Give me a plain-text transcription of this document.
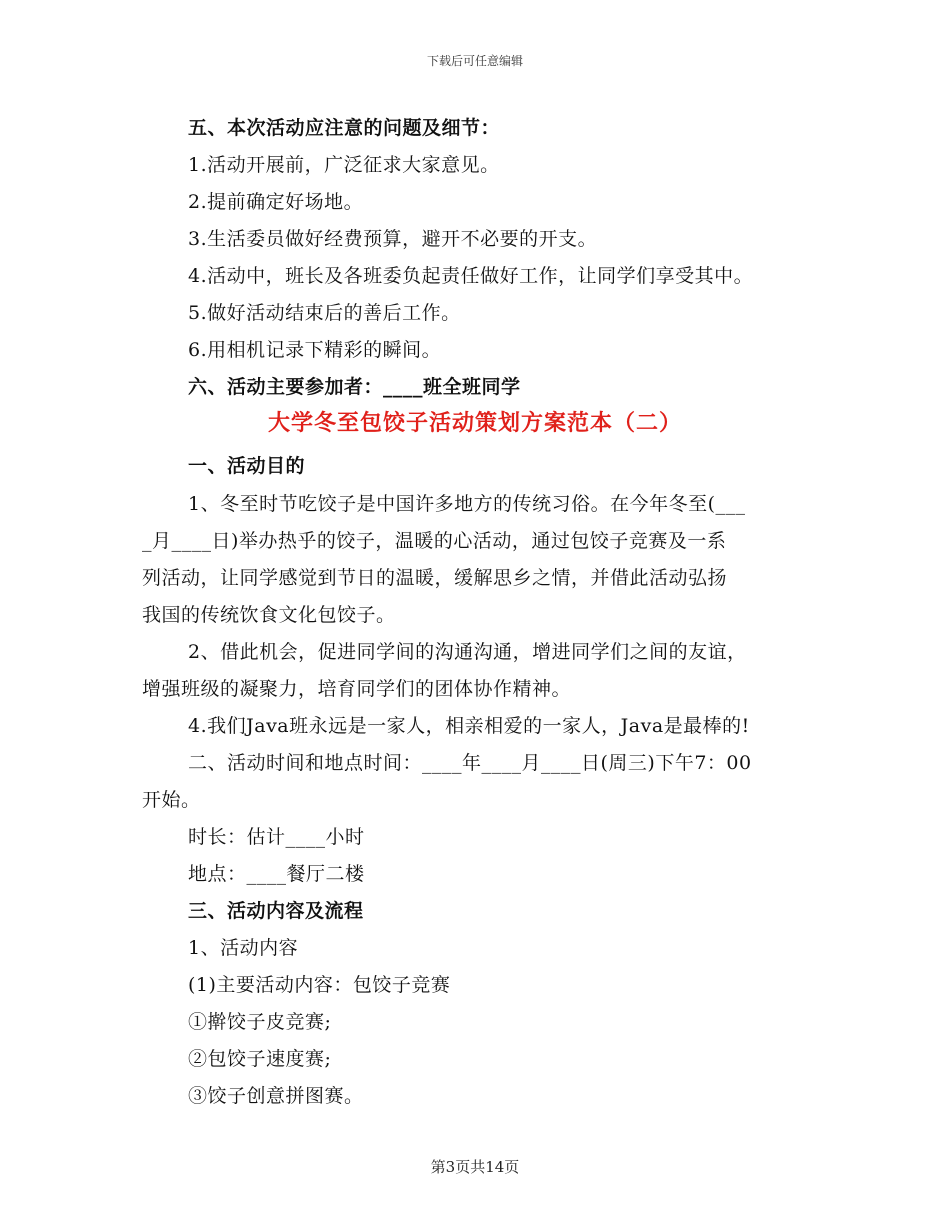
下载后可任意编辑
五、本次活动应注意的问题及细节：
1.活动开展前，广泛征求大家意见。
2.提前确定好场地。
3.生活委员做好经费预算，避开不必要的开支。
4.活动中，班长及各班委负起责任做好工作，让同学们享受其中。
5.做好活动结束后的善后工作。
6.用相机记录下精彩的瞬间。
六、活动主要参加者：____班全班同学
大学冬至包饺子活动策划方案范本（二）
一、活动目的
1、冬至时节吃饺子是中国许多地方的传统习俗。在今年冬至(___
_月____日)举办热乎的饺子，温暖的心活动，通过包饺子竞赛及一系
列活动，让同学感觉到节日的温暖，缓解思乡之情，并借此活动弘扬
我国的传统饮食文化包饺子。
2、借此机会，促进同学间的沟通沟通，增进同学们之间的友谊，
增强班级的凝聚力，培育同学们的团体协作精神。
4.我们Java班永远是一家人，相亲相爱的一家人，Java是最棒的!
二、活动时间和地点时间：____年____月____日(周三)下午7：00
开始。
时长：估计____小时
地点：____餐厅二楼
三、活动内容及流程
1、活动内容
(1)主要活动内容：包饺子竞赛
①擀饺子皮竞赛;
②包饺子速度赛;
③饺子创意拼图赛。
第3页共14页
